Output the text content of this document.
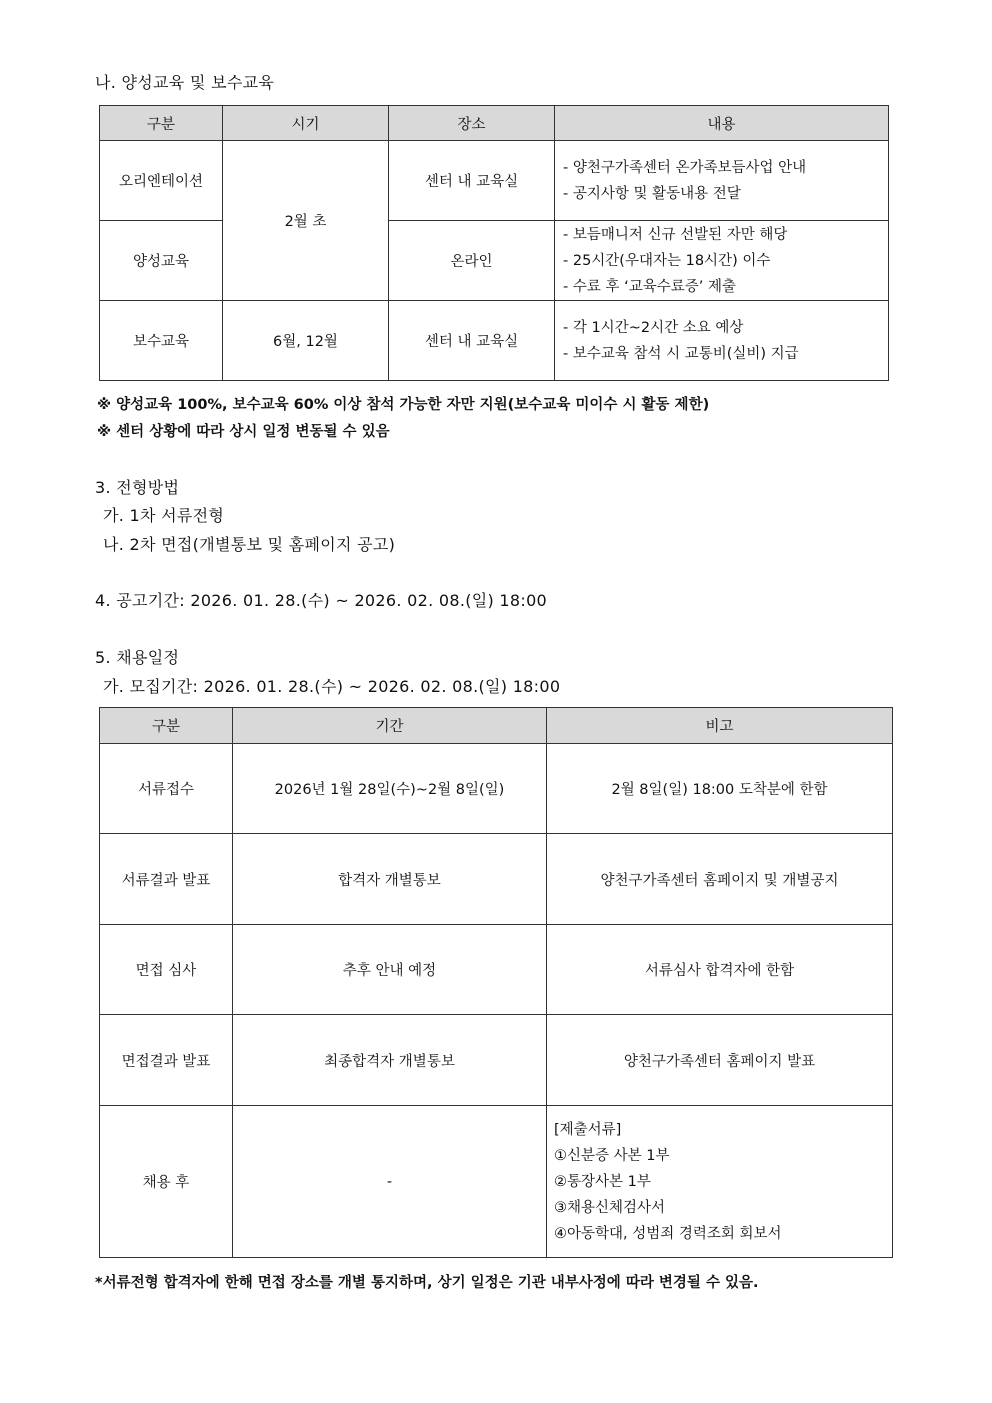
나. 양성교육 및 보수교육
구분	시기	장소	내용
오리엔테이션	2월 초	센터 내 교육실	- 양천구가족센터 온가족보듬사업 안내
- 공지사항 및 활동내용 전달

양성교육		온라인	- 보듬매니저 신규 선발된 자만 해당
- 25시간(우대자는 18시간) 이수
- 수료 후 ‘교육수료증’ 제출

보수교육	6월, 12월	센터 내 교육실	- 각 1시간~2시간 소요 예상
- 보수교육 참석 시 교통비(실비) 지급
※ 양성교육 100%, 보수교육 60% 이상 참석 가능한 자만 지원(보수교육 미이수 시 활동 제한)
※ 센터 상황에 따라 상시 일정 변동될 수 있음
3. 전형방법
가. 1차 서류전형
나. 2차 면접(개별통보 및 홈페이지 공고)
4. 공고기간: 2026. 01. 28.(수) ~ 2026. 02. 08.(일) 18:00
5. 채용일정
가. 모집기간: 2026. 01. 28.(수) ~ 2026. 02. 08.(일) 18:00
구분	기간	비고
서류접수	2026년 1월 28일(수)~2월 8일(일)	2월 8일(일) 18:00 도착분에 한함
서류결과 발표	합격자 개별통보	양천구가족센터 홈페이지 및 개별공지
면접 심사	추후 안내 예정	서류심사 합격자에 한함
면접결과 발표	최종합격자 개별통보	양천구가족센터 홈페이지 발표
채용 후	-	[제출서류]
①신분증 사본 1부
②통장사본 1부
③채용신체검사서
④아동학대, 성범죄 경력조회 회보서
*서류전형 합격자에 한해 면접 장소를 개별 통지하며, 상기 일정은 기관 내부사정에 따라 변경될 수 있음.
